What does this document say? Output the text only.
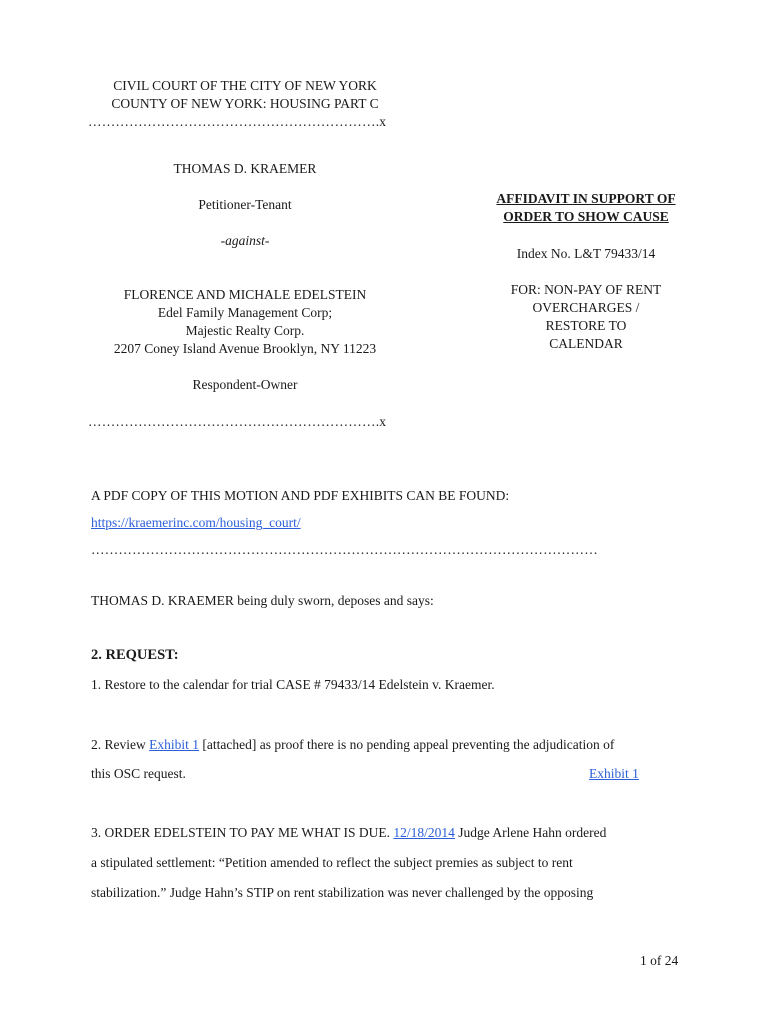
CIVIL COURT OF THE CITY OF NEW YORK
COUNTY OF NEW YORK: HOUSING PART C
……………………………………………………….x
THOMAS D. KRAEMER
Petitioner-Tenant
-against-
FLORENCE AND MICHALE EDELSTEIN
Edel Family Management Corp;
Majestic Realty Corp.
2207 Coney Island Avenue Brooklyn, NY 11223
Respondent-Owner
……………………………………………………….x
AFFIDAVIT IN SUPPORT OF
ORDER TO SHOW CAUSE
Index No. L&T 79433/14
FOR: NON-PAY OF RENT
OVERCHARGES /
RESTORE TO
CALENDAR
A PDF COPY OF THIS MOTION AND PDF EXHIBITS CAN BE FOUND:
https://kraemerinc.com/housing_court/
…………………………………………………………………………………………………
THOMAS D. KRAEMER being duly sworn, deposes and says:
2. REQUEST:
1. Restore to the calendar for trial CASE # 79433/14 Edelstein v. Kraemer.
2. Review Exhibit 1 [attached] as proof there is no pending appeal preventing the adjudication of
this OSC request.	Exhibit 1
3. ORDER EDELSTEIN TO PAY ME WHAT IS DUE. 12/18/2014 Judge Arlene Hahn ordered
a stipulated settlement: “Petition amended to reflect the subject premies as subject to rent
stabilization.” Judge Hahn’s STIP on rent stabilization was never challenged by the opposing
1 of 24
